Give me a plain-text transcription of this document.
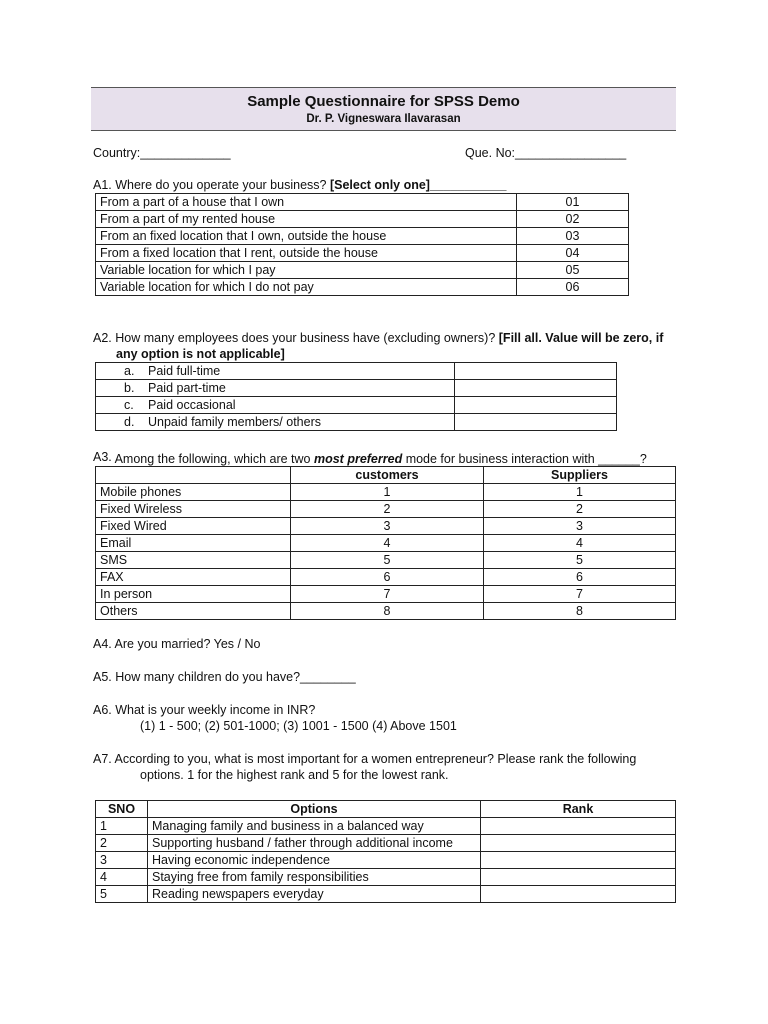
Sample Questionnaire for SPSS Demo
Dr. P. Vigneswara Ilavarasan
Country:_____________	Que. No:________________
A1. Where do you operate your business? [Select only one]___________
From a part of a house that I own	01
From a part of my rented house	02
From an fixed location that I own, outside the house	03
From a fixed location that I rent, outside the house	04
Variable location for which I pay	05
Variable location for which I do not pay	06
A2. How many employees does your business have (excluding owners)? [Fill all. Value will be zero, if
any option is not applicable]
a. Paid full-time	
b. Paid part-time	
c. Paid occasional	
d. Unpaid family members/ others	
A3. Among the following, which are two most preferred mode for business interaction with ______?
	customers	Suppliers
Mobile phones	1	1
Fixed Wireless	2	2
Fixed Wired	3	3
Email	4	4
SMS	5	5
FAX	6	6
In person	7	7
Others	8	8
A4. Are you married? Yes / No
A5. How many children do you have?________
A6. What is your weekly income in INR?
(1) 1 - 500; (2) 501-1000; (3) 1001 - 1500 (4) Above 1501
A7. According to you, what is most important for a women entrepreneur? Please rank the following
options. 1 for the highest rank and 5 for the lowest rank.
SNO	Options	Rank
1	Managing family and business in a balanced way	
2	Supporting husband / father through additional income	
3	Having economic independence	
4	Staying free from family responsibilities	
5	Reading newspapers everyday	
